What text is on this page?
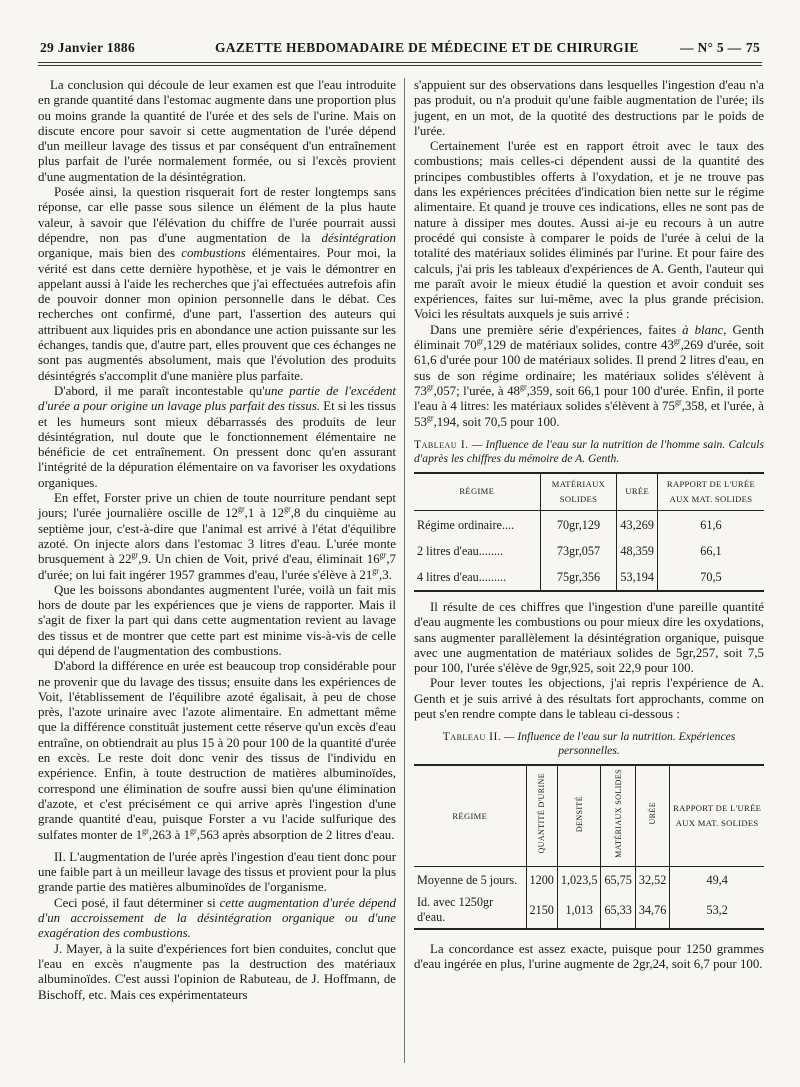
29 Janvier 1886	GAZETTE HEBDOMADAIRE DE MÉDECINE ET DE CHIRURGIE	— N° 5 — 75

La conclusion qui découle de leur examen est que l'eau introduite en grande quantité dans l'estomac augmente dans une proportion plus ou moins grande la quantité de l'urée et des sels de l'urine. Mais on discute encore pour savoir si cette augmentation de l'urée dépend d'un meilleur lavage des tissus et par conséquent d'un entraînement plus parfait de l'urée normalement formée, ou si l'excès provient d'une augmentation de la désintégration.

Posée ainsi, la question risquerait fort de rester longtemps sans réponse, car elle passe sous silence un élément de la plus haute valeur, à savoir que l'élévation du chiffre de l'urée pourrait aussi dépendre, non pas d'une augmentation de la désintégration organique, mais bien des combustions élémentaires. Pour moi, la vérité est dans cette dernière hypothèse, et je vais le démontrer en appelant aussi à l'aide les recherches que j'ai effectuées autrefois afin de pouvoir donner mon opinion personnelle dans le débat. Ces recherches ont confirmé, d'une part, l'assertion des auteurs qui attribuent aux liquides pris en abondance une action puissante sur les échanges, tandis que, d'autre part, elles prouvent que ces échanges ne sont pas augmentés absolument, mais que l'évolution des produits désintégrés s'accomplit d'une manière plus parfaite.

D'abord, il me paraît incontestable qu'une partie de l'excédent d'urée a pour origine un lavage plus parfait des tissus. Et si les tissus et les humeurs sont mieux débarrassés des produits de leur désintégration, nul doute que le fonctionnement élémentaire ne bénéficie de cet entraînement. On pressent donc qu'en assurant l'intégrité de la dépuration élémentaire on va favoriser les oxydations organiques.

En effet, Forster prive un chien de toute nourriture pendant sept jours; l'urée journalière oscille de $12^{gr},1$ à $12^{gr},8$ du cinquième au septième jour, c'est-à-dire que l'animal est arrivé à l'état d'équilibre azoté. On injecte alors dans l'estomac 3 litres d'eau. L'urée monte brusquement à $22^{gr},9$. Un chien de Voit, privé d'eau, éliminait $16^{gr},7$ d'urée; on lui fait ingérer 1957 grammes d'eau, l'urée s'élève à $21^{gr},3$.

Que les boissons abondantes augmentent l'urée, voilà un fait mis hors de doute par les expériences que je viens de rapporter. Mais il s'agit de fixer la part qui dans cette augmentation revient au lavage des tissus et de montrer que cette part est minime vis-à-vis de celle qui dépend de l'augmentation des combustions.

D'abord la différence en urée est beaucoup trop considérable pour ne provenir que du lavage des tissus; ensuite dans les expériences de Voit, l'établissement de l'équilibre azoté égalisait, à peu de chose près, l'azote urinaire avec l'azote alimentaire. En admettant même que la différence constituât justement cette réserve qu'un excès d'eau entraîne, on obtiendrait au plus 15 à 20 pour 100 de la quantité d'urée en excès. Le reste doit donc venir des tissus de l'individu en expérience. Enfin, à toute destruction de matières albuminoïdes, correspond une élimination de soufre aussi bien qu'une élimination d'azote, et c'est précisément ce qui arrive après l'ingestion d'une grande quantité d'eau, puisque Forster a vu l'acide sulfurique des sulfates monter de $1^{gr},263$ à $1^{gr},563$ après absorption de 2 litres d'eau.

II. L'augmentation de l'urée après l'ingestion d'eau tient donc pour une faible part à un meilleur lavage des tissus et provient pour la plus grande partie des matières albuminoïdes de l'organisme.

Ceci posé, il faut déterminer si cette augmentation d'urée dépend d'un accroissement de la désintégration organique ou d'une exagération des combustions.

J. Mayer, à la suite d'expériences fort bien conduites, conclut que l'eau en excès n'augmente pas la destruction des matériaux albuminoïdes. C'est aussi l'opinion de Rabuteau, de J. Hoffmann, de Bischoff, etc. Mais ces expérimentateurs

s'appuient sur des observations dans lesquelles l'ingestion d'eau n'a pas produit, ou n'a produit qu'une faible augmentation de l'urée; ils jugent, en un mot, de la quotité des destructions par le poids de l'urée.

Certainement l'urée est en rapport étroit avec le taux des combustions; mais celles-ci dépendent aussi de la quantité des principes combustibles offerts à l'oxydation, et je ne trouve pas dans les expériences précitées d'indication bien nette sur le régime alimentaire. Et quand je trouve ces indications, elles ne sont pas de nature à dissiper mes doutes. Aussi ai-je eu recours à un autre procédé qui consiste à comparer le poids de l'urée à celui de la totalité des matériaux solides éliminés par l'urine. Et pour faire des calculs, j'ai pris les tableaux d'expériences de A. Genth, l'auteur qui me paraît avoir le mieux étudié la question et avoir conduit ses expériences, faites sur lui-même, avec la plus grande précision. Voici les résultats auxquels je suis arrivé :

Dans une première série d'expériences, faites à blanc, Genth éliminait $70^{gr},129$ de matériaux solides, contre $43^{gr},269$ d'urée, soit 61,6 d'urée pour 100 de matériaux solides. Il prend 2 litres d'eau, en sus de son régime ordinaire; les matériaux solides s'élèvent à $73^{gr},057$; l'urée, à $48^{gr},359$, soit 66,1 pour 100 d'urée. Enfin, il porte l'eau à 4 litres: les matériaux solides s'élèvent à $75^{gr},358$, et l'urée, à $53^{gr},194$, soit 70,5 pour 100.

Tableau I. — Influence de l'eau sur la nutrition de l'homme sain. Calculs d'après les chiffres du mémoire de A. Genth.
RÉGIME	MATÉRIAUX SOLIDES	URÉE	RAPPORT DE L'URÉE AUX MAT. SOLIDES
Régime ordinaire....	70gr,129	43,269	61,6
2 litres d'eau........	73gr,057	48,359	66,1
4 litres d'eau.........	75gr,356	53,194	70,5

Il résulte de ces chiffres que l'ingestion d'une pareille quantité d'eau augmente les combustions ou pour mieux dire les oxydations, sans augmenter parallèlement la désintégration organique, puisque avec une augmentation de matériaux solides de 5gr,257, soit 7,5 pour 100, l'urée s'élève de 9gr,925, soit 22,9 pour 100.

Pour lever toutes les objections, j'ai repris l'expérience de A. Genth et je suis arrivé à des résultats fort approchants, comme on peut s'en rendre compte dans le tableau ci-dessous :

Tableau II. — Influence de l'eau sur la nutrition. Expériences personnelles.
RÉGIME	QUANTITÉ D'URINE	DENSITÉ	MATÉRIAUX SOLIDES	URÉE	RAPPORT DE L'URÉE AUX MAT. SOLIDES
Moyenne de 5 jours.	1200	1,023,5	65,75	32,52	49,4
Id. avec 1250gr d'eau.	2150	1,013	65,33	34,76	53,2

La concordance est assez exacte, puisque pour 1250 grammes d'eau ingérée en plus, l'urine augmente de 2gr,24, soit 6,7 pour 100.
